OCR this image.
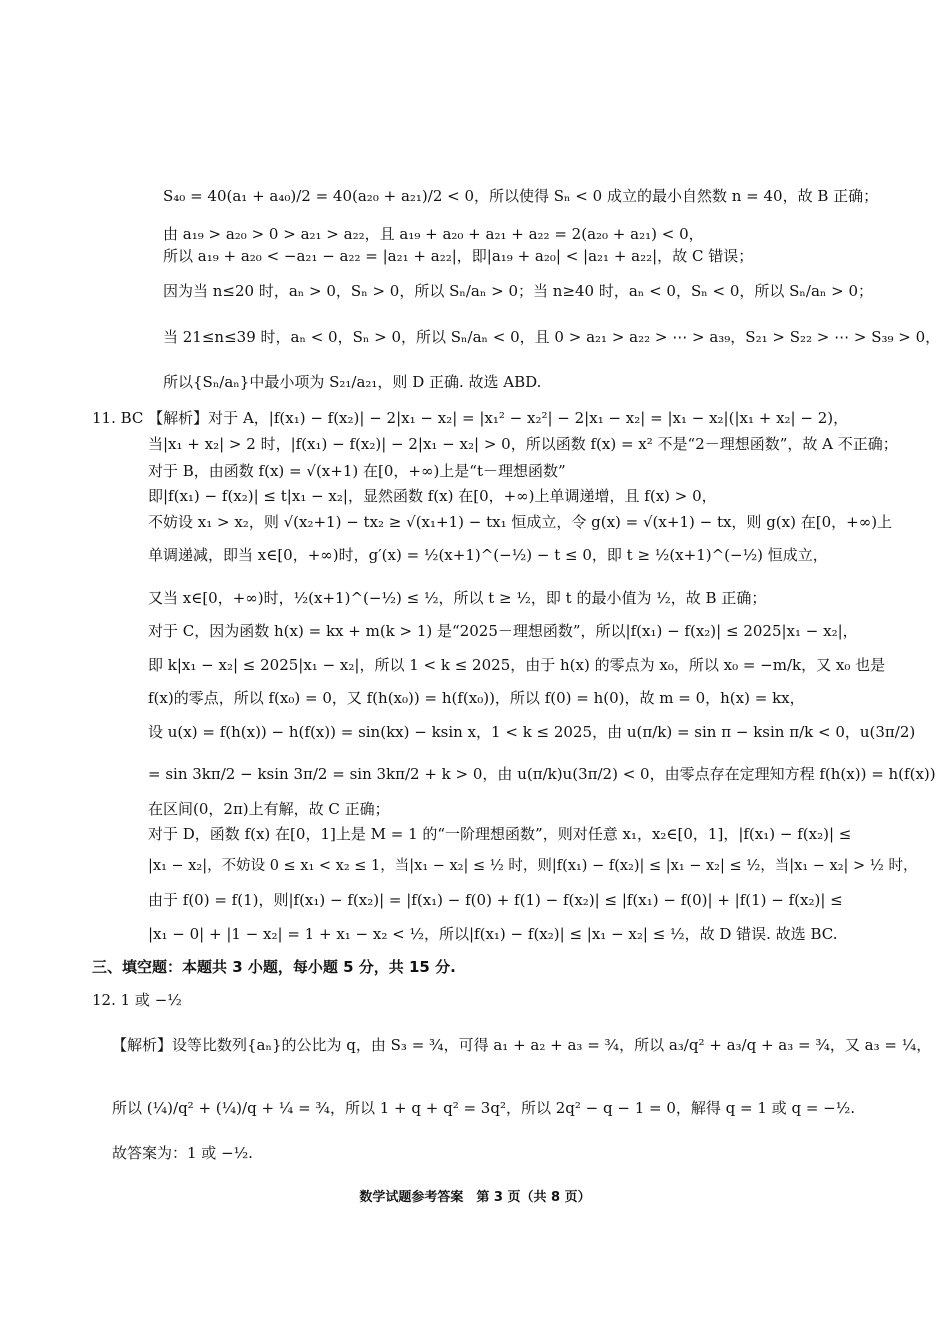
S₄₀ = 40(a₁ + a₄₀)/2 = 40(a₂₀ + a₂₁)/2 < 0，所以使得 Sₙ < 0 成立的最小自然数 n = 40，故 B 正确；
由 a₁₉ > a₂₀ > 0 > a₂₁ > a₂₂，且 a₁₉ + a₂₀ + a₂₁ + a₂₂ = 2(a₂₀ + a₂₁) < 0，
所以 a₁₉ + a₂₀ < −a₂₁ − a₂₂ = |a₂₁ + a₂₂|，即|a₁₉ + a₂₀| < |a₂₁ + a₂₂|，故 C 错误；
因为当 n≤20 时，aₙ > 0，Sₙ > 0，所以 Sₙ/aₙ > 0；当 n≥40 时，aₙ < 0，Sₙ < 0，所以 Sₙ/aₙ > 0；
当 21≤n≤39 时，aₙ < 0，Sₙ > 0，所以 Sₙ/aₙ < 0，且 0 > a₂₁ > a₂₂ > ⋯ > a₃₉，S₂₁ > S₂₂ > ⋯ > S₃₉ > 0，
所以{Sₙ/aₙ}中最小项为 S₂₁/a₂₁，则 D 正确. 故选 ABD.
11. BC 【解析】对于 A，|f(x₁) − f(x₂)| − 2|x₁ − x₂| = |x₁² − x₂²| − 2|x₁ − x₂| = |x₁ − x₂|(|x₁ + x₂| − 2)，
当|x₁ + x₂| > 2 时，|f(x₁) − f(x₂)| − 2|x₁ − x₂| > 0，所以函数 f(x) = x² 不是“2－理想函数”，故 A 不正确；
对于 B，由函数 f(x) = √(x+1) 在[0，+∞)上是“t－理想函数”
即|f(x₁) − f(x₂)| ≤ t|x₁ − x₂|，显然函数 f(x) 在[0，+∞)上单调递增，且 f(x) > 0，
不妨设 x₁ > x₂，则 √(x₂+1) − tx₂ ≥ √(x₁+1) − tx₁ 恒成立，令 g(x) = √(x+1) − tx，则 g(x) 在[0，+∞)上
单调递减，即当 x∈[0，+∞)时，g′(x) = ½(x+1)^(−½) − t ≤ 0，即 t ≥ ½(x+1)^(−½) 恒成立，
又当 x∈[0，+∞)时，½(x+1)^(−½) ≤ ½，所以 t ≥ ½，即 t 的最小值为 ½，故 B 正确；
对于 C，因为函数 h(x) = kx + m(k > 1) 是“2025－理想函数”，所以|f(x₁) − f(x₂)| ≤ 2025|x₁ − x₂|，
即 k|x₁ − x₂| ≤ 2025|x₁ − x₂|，所以 1 < k ≤ 2025，由于 h(x) 的零点为 x₀，所以 x₀ = −m/k，又 x₀ 也是
f(x)的零点，所以 f(x₀) = 0，又 f(h(x₀)) = h(f(x₀))，所以 f(0) = h(0)，故 m = 0，h(x) = kx，
设 u(x) = f(h(x)) − h(f(x)) = sin(kx) − ksin x，1 < k ≤ 2025，由 u(π/k) = sin π − ksin π/k < 0，u(3π/2)
= sin 3kπ/2 − ksin 3π/2 = sin 3kπ/2 + k > 0，由 u(π/k)u(3π/2) < 0，由零点存在定理知方程 f(h(x)) = h(f(x))
在区间(0，2π)上有解，故 C 正确；
对于 D，函数 f(x) 在[0，1]上是 M = 1 的“一阶理想函数”，则对任意 x₁，x₂∈[0，1]，|f(x₁) − f(x₂)| ≤
|x₁ − x₂|，不妨设 0 ≤ x₁ < x₂ ≤ 1，当|x₁ − x₂| ≤ ½ 时，则|f(x₁) − f(x₂)| ≤ |x₁ − x₂| ≤ ½，当|x₁ − x₂| > ½ 时，
由于 f(0) = f(1)，则|f(x₁) − f(x₂)| = |f(x₁) − f(0) + f(1) − f(x₂)| ≤ |f(x₁) − f(0)| + |f(1) − f(x₂)| ≤
|x₁ − 0| + |1 − x₂| = 1 + x₁ − x₂ < ½，所以|f(x₁) − f(x₂)| ≤ |x₁ − x₂| ≤ ½，故 D 错误. 故选 BC.
三、填空题：本题共 3 小题，每小题 5 分，共 15 分.
12. 1 或 −½
【解析】设等比数列{aₙ}的公比为 q，由 S₃ = ¾，可得 a₁ + a₂ + a₃ = ¾，所以 a₃/q² + a₃/q + a₃ = ¾，又 a₃ = ¼，
所以 (¼)/q² + (¼)/q + ¼ = ¾，所以 1 + q + q² = 3q²，所以 2q² − q − 1 = 0，解得 q = 1 或 q = −½.
故答案为：1 或 −½.
数学试题参考答案　第 3 页（共 8 页）
